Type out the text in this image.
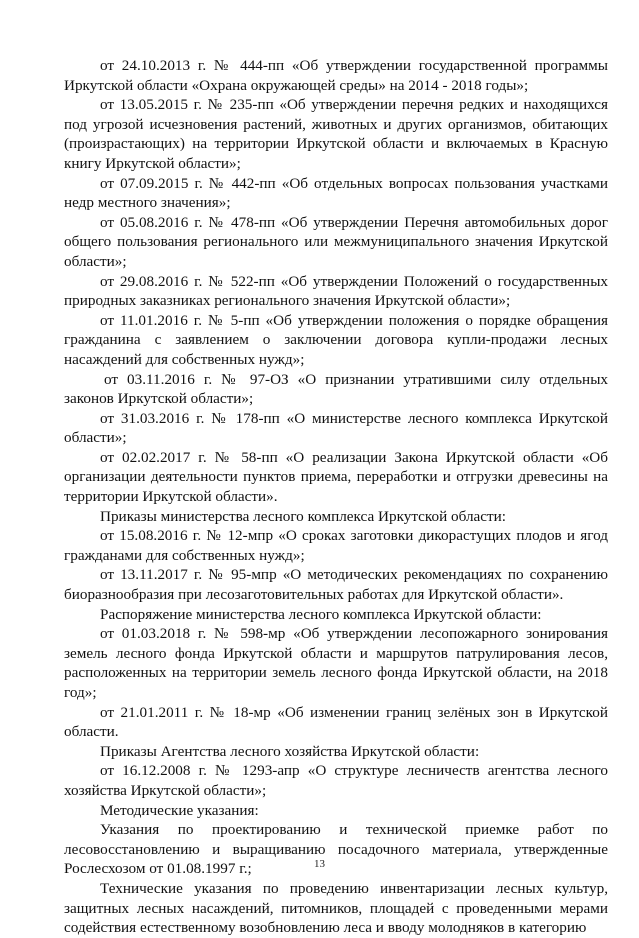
от 24.10.2013 г. № 444-пп «Об утверждении государственной программы Иркутской области «Охрана окружающей среды» на 2014 - 2018 годы»;

от 13.05.2015 г. № 235-пп «Об утверждении перечня редких и находящихся под угрозой исчезновения растений, животных и других организмов, обитающих (произрастающих) на территории Иркутской области и включаемых в Красную книгу Иркутской области»;

от 07.09.2015 г. № 442-пп «Об отдельных вопросах пользования участками недр местного значения»;

от 05.08.2016 г. № 478-пп «Об утверждении Перечня автомобильных дорог общего пользования регионального или межмуниципального значения Иркутской области»;

от 29.08.2016 г. № 522-пп «Об утверждении Положений о государственных природных заказниках регионального значения Иркутской области»;

от 11.01.2016 г. № 5-пп «Об утверждении положения о порядке обращения гражданина с заявлением о заключении договора купли-продажи лесных насаждений для собственных нужд»;

от 03.11.2016 г. № 97-ОЗ «О признании утратившими силу отдельных законов Иркутской области»;

от 31.03.2016 г. № 178-пп «О министерстве лесного комплекса Иркутской области»;

от 02.02.2017 г. № 58-пп «О реализации Закона Иркутской области «Об организации деятельности пунктов приема, переработки и отгрузки древесины на территории Иркутской области».

Приказы министерства лесного комплекса Иркутской области:

от 15.08.2016 г. № 12-мпр «О сроках заготовки дикорастущих плодов и ягод гражданами для собственных нужд»;

от 13.11.2017 г. № 95-мпр «О методических рекомендациях по сохранению биоразнообразия при лесозаготовительных работах для Иркутской области».

Распоряжение министерства лесного комплекса Иркутской области:

от 01.03.2018 г. № 598-мр «Об утверждении лесопожарного зонирования земель лесного фонда Иркутской области и маршрутов патрулирования лесов, расположенных на территории земель лесного фонда Иркутской области, на 2018 год»;

от 21.01.2011 г. № 18-мр «Об изменении границ зелёных зон в Иркутской области.

Приказы Агентства лесного хозяйства Иркутской области:

от 16.12.2008 г. № 1293-апр «О структуре лесничеств агентства лесного хозяйства Иркутской области»;

Методические указания:

Указания по проектированию и технической приемке работ по лесовосстановлению и выращиванию посадочного материала, утвержденные Рослесхозом от 01.08.1997 г.;

Технические указания по проведению инвентаризации лесных культур, защитных лесных насаждений, питомников, площадей с проведенными мерами содействия естественному возобновлению леса и вводу молодняков в категорию

13
